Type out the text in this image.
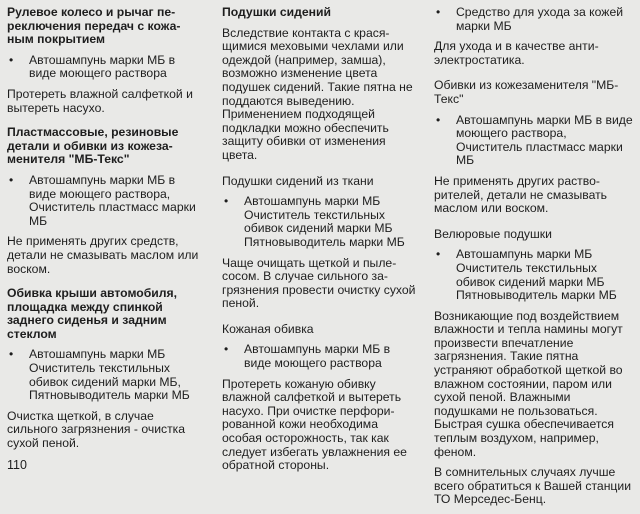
Рулевое колесо и рычаг переключения передач с кожаным покрытием
• Автошампунь марки МБ в виде моющего раствора
Протереть влажной салфеткой и вытереть насухо.
Пластмассовые, резиновые детали и обивки из кожезаменителя "МБ-Текс"
• Автошампунь марки МБ в виде моющего раствора, Очиститель пластмасс марки МБ
Не применять других средств, детали не смазывать маслом или воском.
Обивка крыши автомобиля, площадка между спинкой заднего сиденья и задним стеклом
• Автошампунь марки МБ Очиститель текстильных обивок сидений марки МБ, Пятновыводитель марки МБ
Очистка щеткой, в случае сильного загрязнения - очистка сухой пеной.
Подушки сидений
Вследствие контакта с красящимися меховыми чехлами или одеждой (например, замша), возможно изменение цвета подушек сидений. Такие пятна не поддаются выведению. Применением подходящей подкладки можно обеспечить защиту обивки от изменения цвета.
Подушки сидений из ткани
• Автошампунь марки МБ Очиститель текстильных обивок сидений марки МБ Пятновыводитель марки МБ
Чаще очищать щеткой и пылесосом. В случае сильного загрязнения провести очистку сухой пеной.
Кожаная обивка
• Автошампунь марки МБ в виде моющего раствора
Протереть кожаную обивку влажной салфеткой и вытереть насухо. При очистке перфорированной кожи необходима особая осторожность, так как следует избегать увлажнения ее обратной стороны.
• Средство для ухода за кожей марки МБ
Для ухода и в качестве антиэлектростатика.
Обивки из кожезаменителя "МБ-Текс"
• Автошампунь марки МБ в виде моющего раствора, Очиститель пластмасс марки МБ
Не применять других растворителей, детали не смазывать маслом или воском.
Велюровые подушки
• Автошампунь марки МБ Очиститель текстильных обивок сидений марки МБ Пятновыводитель марки МБ
Возникающие под воздействием влажности и тепла намины могут произвести впечатление загрязнения. Такие пятна устраняют обработкой щеткой во влажном состоянии, паром или сухой пеной. Влажными подушками не пользоваться. Быстрая сушка обеспечивается теплым воздухом, например, феном.
В сомнительных случаях лучше всего обратиться к Вашей станции ТО Мерседес-Бенц.
110
